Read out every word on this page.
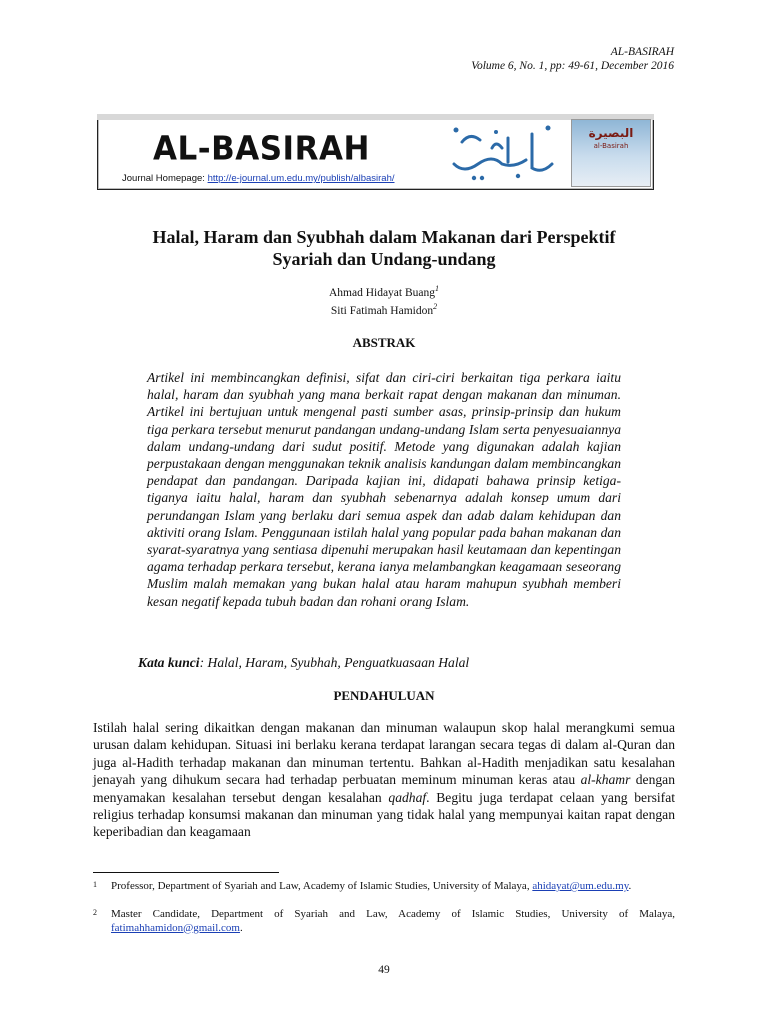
AL-BASIRAH
Volume 6, No. 1, pp: 49-61, December 2016
AL-BASIRAH
Journal Homepage: http://e-journal.um.edu.my/publish/albasirah/
البصيرة
al-Basirah
Halal, Haram dan Syubhah dalam Makanan dari Perspektif
Syariah dan Undang-undang
Ahmad Hidayat Buang$^1$
Siti Fatimah Hamidon$^2$
ABSTRAK
Artikel ini membincangkan definisi, sifat dan ciri-ciri berkaitan tiga perkara iaitu halal, haram dan syubhah yang mana berkait rapat dengan makanan dan minuman. Artikel ini bertujuan untuk mengenal pasti sumber asas, prinsip-prinsip dan hukum tiga perkara tersebut menurut pandangan undang-undang Islam serta penyesuaiannya dalam undang-undang dari sudut positif. Metode yang digunakan adalah kajian perpustakaan dengan menggunakan teknik analisis kandungan dalam membincangkan pendapat dan pandangan. Daripada kajian ini, didapati bahawa prinsip ketiga-tiganya iaitu halal, haram dan syubhah sebenarnya adalah konsep umum dari perundangan Islam yang berlaku dari semua aspek dan adab dalam kehidupan dan aktiviti orang Islam. Penggunaan istilah halal yang popular pada bahan makanan dan syarat-syaratnya yang sentiasa dipenuhi merupakan hasil keutamaan dan kepentingan agama terhadap perkara tersebut, kerana ianya melambangkan keagamaan seseorang Muslim malah memakan yang bukan halal atau haram mahupun syubhah memberi kesan negatif kepada tubuh badan dan rohani orang Islam.
Kata kunci: Halal, Haram, Syubhah, Penguatkuasaan Halal
PENDAHULUAN
Istilah halal sering dikaitkan dengan makanan dan minuman walaupun skop halal merangkumi semua urusan dalam kehidupan. Situasi ini berlaku kerana terdapat larangan secara tegas di dalam al-Quran dan juga al-Hadith terhadap makanan dan minuman tertentu. Bahkan al-Hadith menjadikan satu kesalahan jenayah yang dihukum secara had terhadap perbuatan meminum minuman keras atau al-khamr dengan menyamakan kesalahan tersebut dengan kesalahan qadhaf. Begitu juga terdapat celaan yang bersifat religius terhadap konsumsi makanan dan minuman yang tidak halal yang mempunyai kaitan rapat dengan keperibadian dan keagamaan
1 Professor, Department of Syariah and Law, Academy of Islamic Studies, University of Malaya, ahidayat@um.edu.my.
2 Master Candidate, Department of Syariah and Law, Academy of Islamic Studies, University of Malaya, fatimahhamidon@gmail.com.
49
